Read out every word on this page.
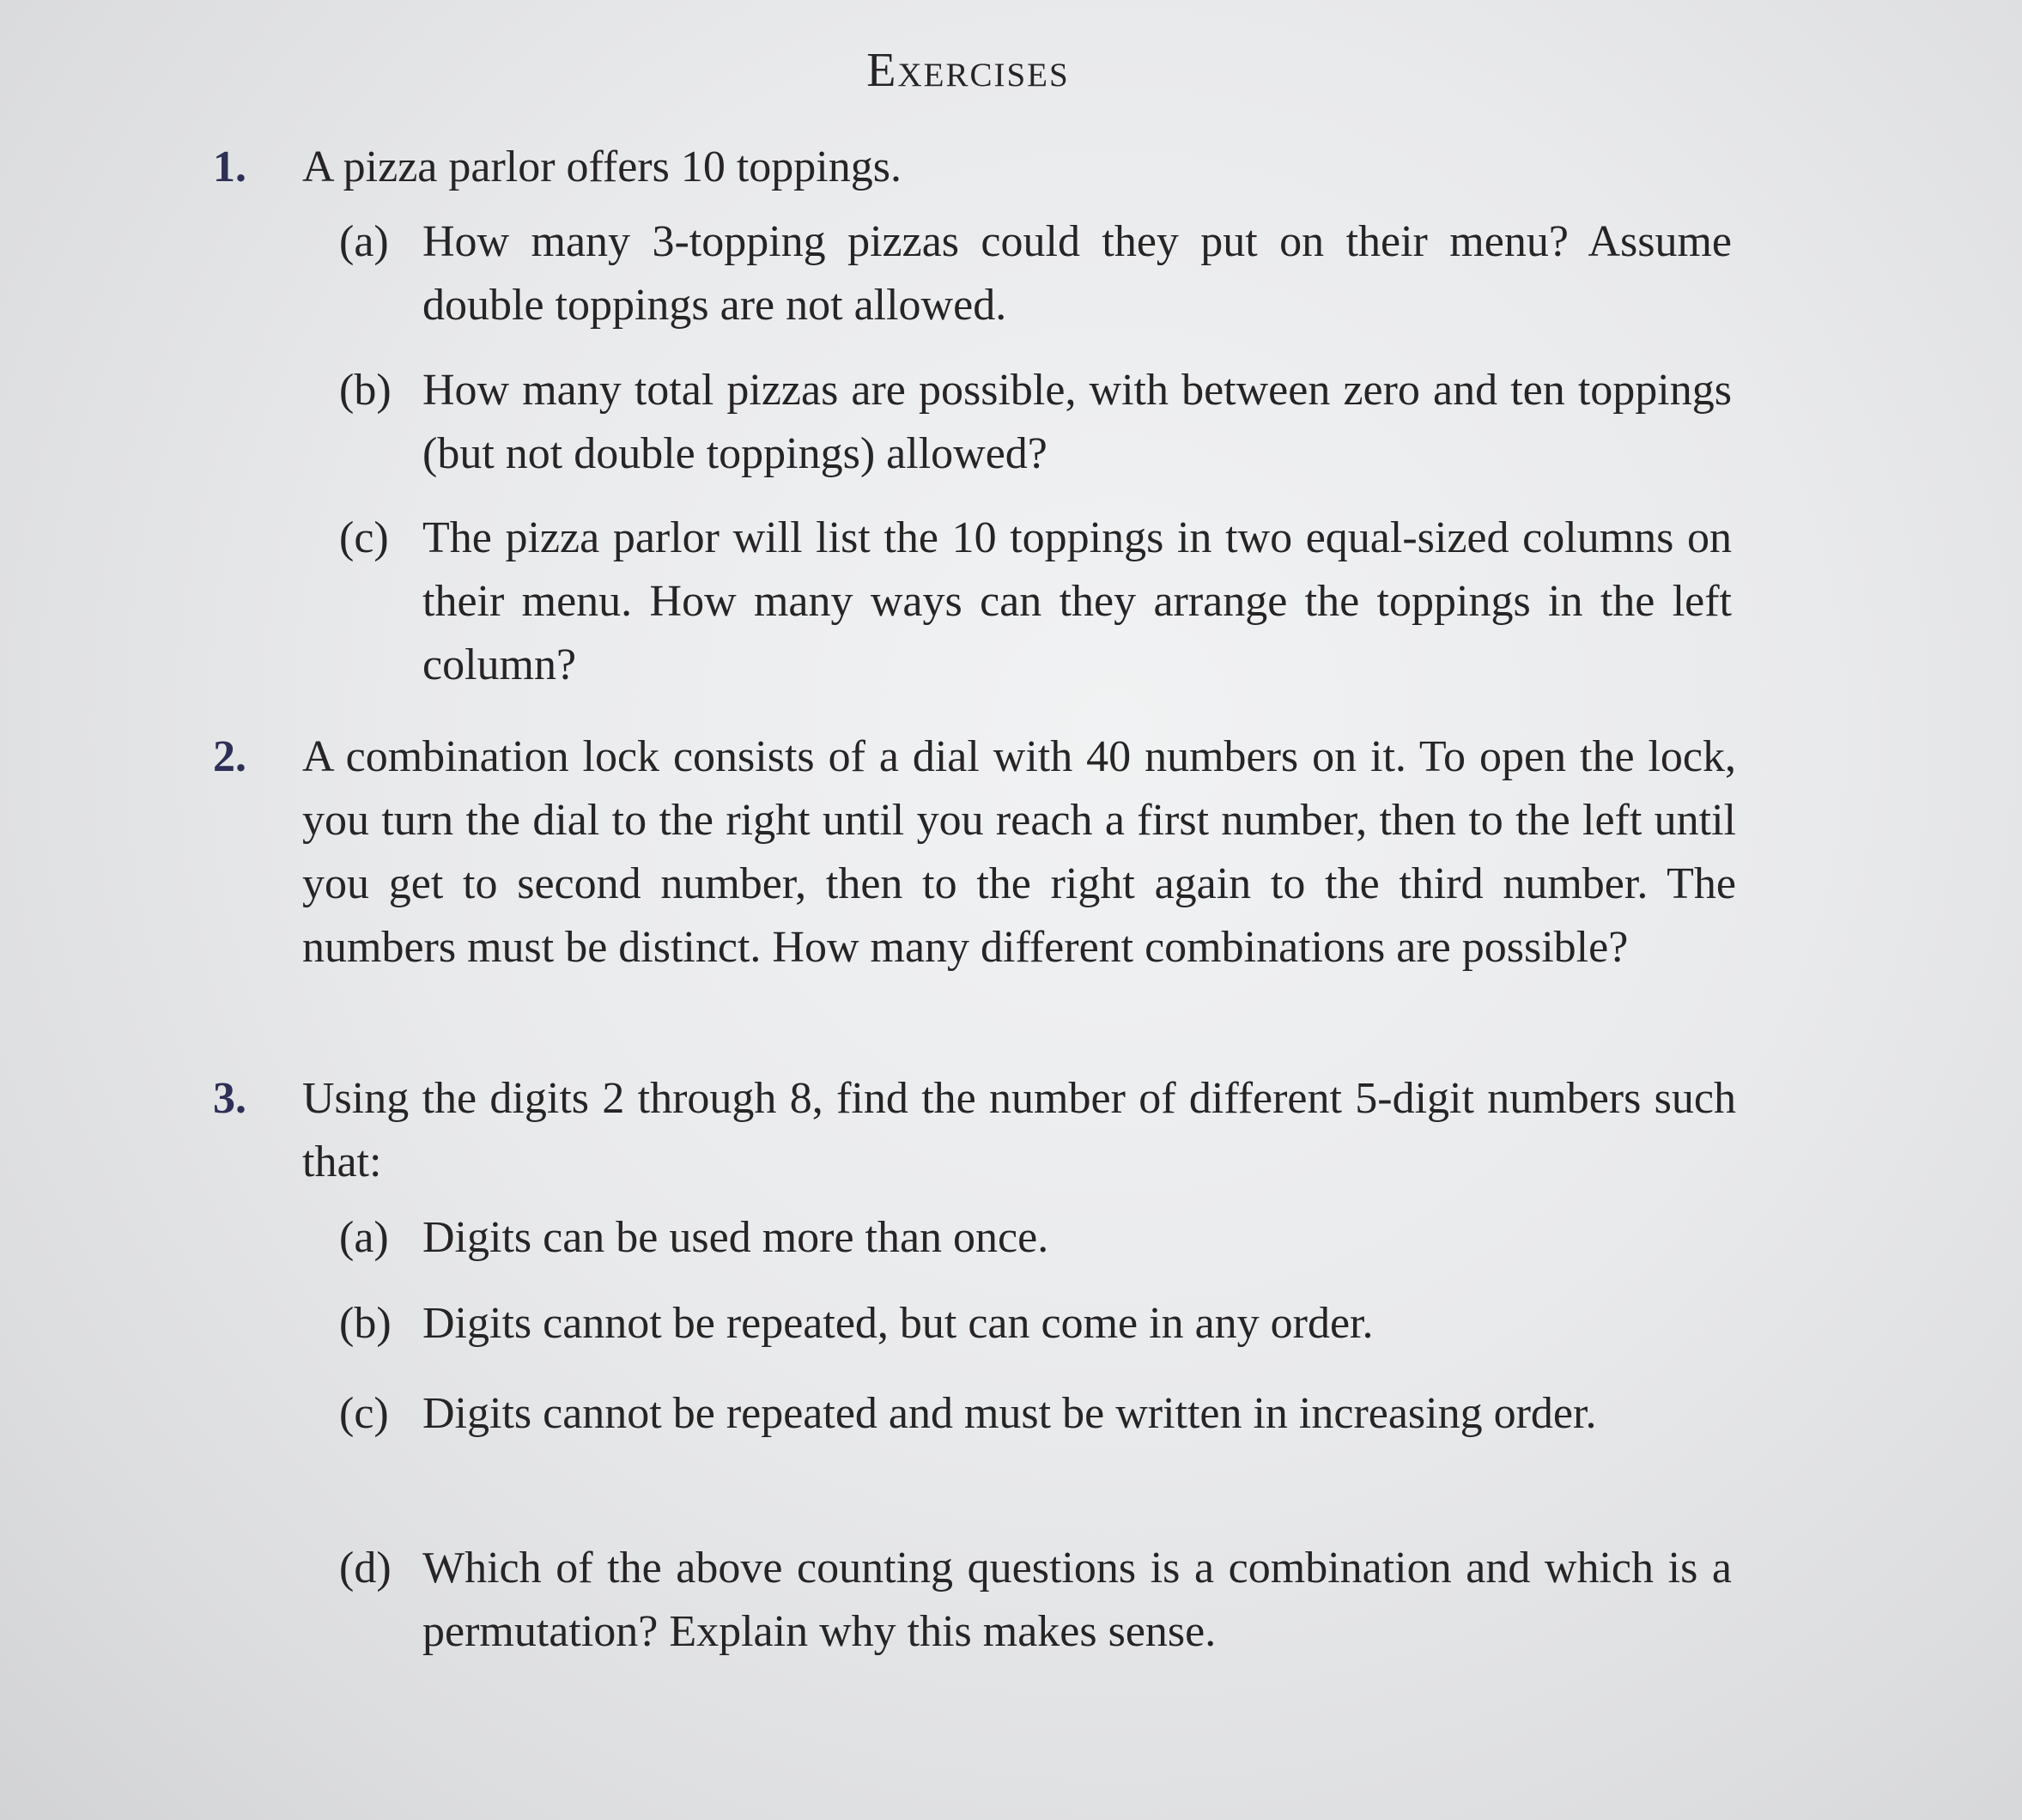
Exercises
1. A pizza parlor offers 10 toppings.
(a) How many 3-topping pizzas could they put on their menu? Assume double toppings are not allowed.
(b) How many total pizzas are possible, with between zero and ten toppings (but not double toppings) allowed?
(c) The pizza parlor will list the 10 toppings in two equal-sized columns on their menu. How many ways can they arrange the toppings in the left column?
2. A combination lock consists of a dial with 40 numbers on it. To open the lock, you turn the dial to the right until you reach a first number, then to the left until you get to second number, then to the right again to the third number. The numbers must be distinct. How many different combinations are possible?
3. Using the digits 2 through 8, find the number of different 5-digit numbers such that:
(a) Digits can be used more than once.
(b) Digits cannot be repeated, but can come in any order.
(c) Digits cannot be repeated and must be written in increasing order.
(d) Which of the above counting questions is a combination and which is a permutation? Explain why this makes sense.
